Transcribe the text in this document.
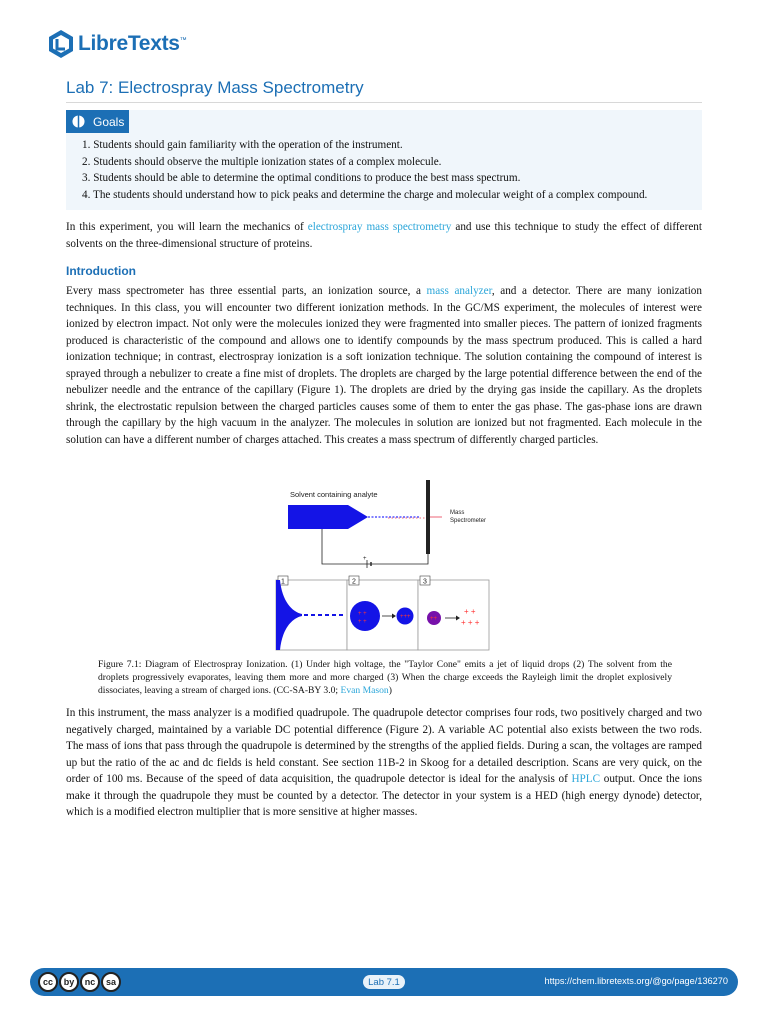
LibreTexts ™
Lab 7: Electrospray Mass Spectrometry
Goals
1. Students should gain familiarity with the operation of the instrument.
2. Students should observe the multiple ionization states of a complex molecule.
3. Students should be able to determine the optimal conditions to produce the best mass spectrum.
4. The students should understand how to pick peaks and determine the charge and molecular weight of a complex compound.

In this experiment, you will learn the mechanics of electrospray mass spectrometry and use this technique to study the effect of different solvents on the three-dimensional structure of proteins.

Introduction

Every mass spectrometer has three essential parts, an ionization source, a mass analyzer, and a detector. There are many ionization techniques. In this class, you will encounter two different ionization methods. In the GC/MS experiment, the molecules of interest were ionized by electron impact. Not only were the molecules ionized they were fragmented into smaller pieces. The pattern of ionized fragments produced is characteristic of the compound and allows one to identify compounds by the mass spectrum produced. This is called a hard ionization technique; in contrast, electrospray ionization is a soft ionization technique. The solution containing the compound of interest is sprayed through a nebulizer to create a fine mist of droplets. The droplets are charged by the large potential difference between the end of the nebulizer needle and the entrance of the capillary (Figure 1). The droplets are dried by the drying gas inside the capillary. As the droplets shrink, the electrostatic repulsion between the charged particles causes some of them to enter the gas phase. The gas-phase ions are drawn through the capillary by the high vacuum in the analyzer. The molecules in solution are ionized but not fragmented. Each molecule in the solution can have a different number of charges attached. This creates a mass spectrum of differently charged particles.

Solvent containing analyte
Mass
Spectrometer
+
1	2
+ +
+ +
+++
3
++
+ +
+ + +

Figure 7.1: Diagram of Electrospray Ionization. (1) Under high voltage, the "Taylor Cone" emits a jet of liquid drops (2) The solvent from the droplets progressively evaporates, leaving them more and more charged (3) When the charge exceeds the Rayleigh limit the droplet explosively dissociates, leaving a stream of charged ions. (CC-SA-BY 3.0; Evan Mason)

In this instrument, the mass analyzer is a modified quadrupole. The quadrupole detector comprises four rods, two positively charged and two negatively charged, maintained by a variable DC potential difference (Figure 2). A variable AC potential also exists between the two rods. The mass of ions that pass through the quadrupole is determined by the strengths of the applied fields. During a scan, the voltages are ramped up but the ratio of the ac and dc fields is held constant. See section 11B-2 in Skoog for a detailed description. Scans are very quick, on the order of 100 ms. Because of the speed of data acquisition, the quadrupole detector is ideal for the analysis of HPLC output. Once the ions make it through the quadrupole they must be counted by a detector. The detector in your system is a HED (high energy dynode) detector, which is a modified electron multiplier that is more sensitive at higher masses.

cc	by	nc	sa	Lab 7.1	https://chem.libretexts.org/@go/page/136270
